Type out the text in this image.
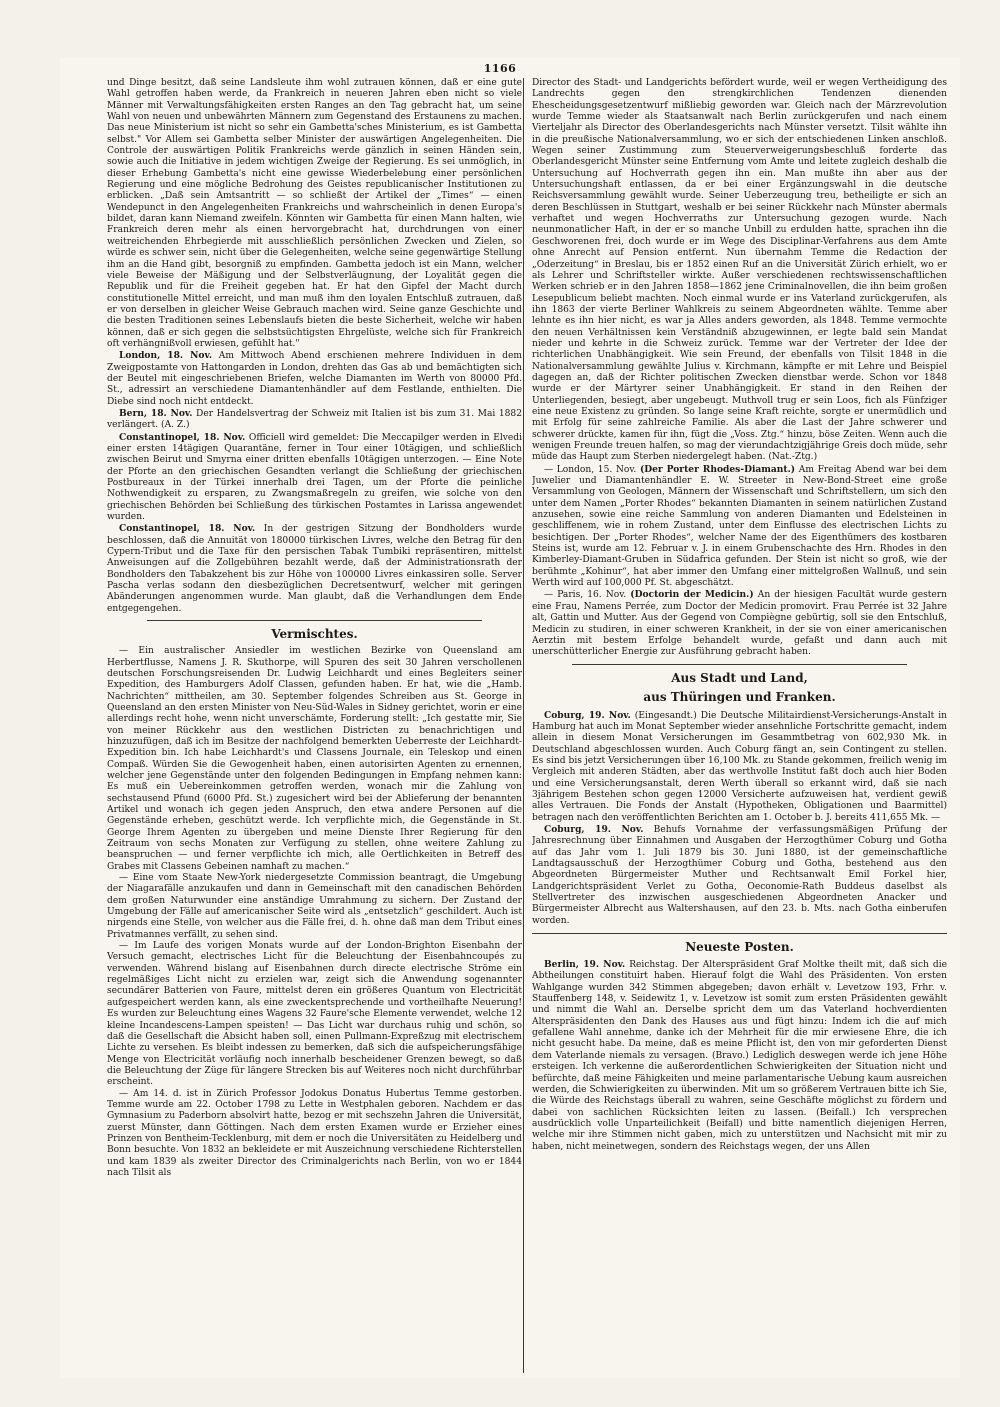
1166

und Dinge besitzt, daß seine Landsleute ihm wohl zutrauen können, daß er eine gute Wahl getroffen haben werde, da Frankreich in neueren Jahren eben nicht so viele Männer mit Verwaltungsfähigkeiten ersten Ranges an den Tag gebracht hat, um seine Wahl von neuen und unbewährten Männern zum Gegenstand des Erstaunens zu machen. Das neue Ministerium ist nicht so sehr ein Gambetta'sches Ministerium, es ist Gambetta selbst." Vor Allem sei Gambetta selber Minister der auswärtigen Angelegenheiten. Die Controle der auswärtigen Politik Frankreichs werde gänzlich in seinen Händen sein, sowie auch die Initiative in jedem wichtigen Zweige der Regierung. Es sei unmöglich, in dieser Erhebung Gambetta's nicht eine gewisse Wiederbelebung einer persönlichen Regierung und eine mögliche Bedrohung des Geistes republicanischer Institutionen zu erblicken. „Daß sein Amtsantritt — so schließt der Artikel der „Times“ — einen Wendepunct in den Angelegenheiten Frankreichs und wahrscheinlich in denen Europa's bildet, daran kann Niemand zweifeln. Könnten wir Gambetta für einen Mann halten, wie Frankreich deren mehr als einen hervorgebracht hat, durchdrungen von einer weitreichenden Ehrbegierde mit ausschließlich persönlichen Zwecken und Zielen, so würde es schwer sein, nicht über die Gelegenheiten, welche seine gegenwärtige Stellung ihm an die Hand gibt, besorgniß zu empfinden. Gambetta jedoch ist ein Mann, welcher viele Beweise der Mäßigung und der Selbstverläugnung, der Loyalität gegen die Republik und für die Freiheit gegeben hat. Er hat den Gipfel der Macht durch constitutionelle Mittel erreicht, und man muß ihm den loyalen Entschluß zutrauen, daß er von derselben in gleicher Weise Gebrauch machen wird. Seine ganze Geschichte und die besten Traditionen seines Lebenslaufs bieten die beste Sicherheit, welche wir haben können, daß er sich gegen die selbstsüchtigsten Ehrgelüste, welche sich für Frankreich oft verhängnißvoll erwiesen, gefühlt hat."

London, 18. Nov. Am Mittwoch Abend erschienen mehrere Individuen in dem Zweigpostamte von Hattongarden in London, drehten das Gas ab und bemächtigten sich der Beutel mit eingeschriebenen Briefen, welche Diamanten im Werth von 80000 Pfd. St., adressirt an verschiedene Diamantenhändler auf dem Festlande, enthielten. Die Diebe sind noch nicht entdeckt.

Bern, 18. Nov. Der Handelsvertrag der Schweiz mit Italien ist bis zum 31. Mai 1882 verlängert. (A. Z.)

Constantinopel, 18. Nov. Officiell wird gemeldet: Die Meccapilger werden in Elvedi einer ersten 14tägigen Quarantäne, ferner in Tour einer 10tägigen, und schließlich zwischen Beirut und Smyrna einer dritten ebenfalls 10tägigen unterzogen. — Eine Note der Pforte an den griechischen Gesandten verlangt die Schließung der griechischen Postbureaux in der Türkei innerhalb drei Tagen, um der Pforte die peinliche Nothwendigkeit zu ersparen, zu Zwangsmaßregeln zu greifen, wie solche von den griechischen Behörden bei Schließung des türkischen Postamtes in Larissa angewendet wurden.

Constantinopel, 18. Nov. In der gestrigen Sitzung der Bondholders wurde beschlossen, daß die Annuität von 180000 türkischen Livres, welche den Betrag für den Cypern-Tribut und die Taxe für den persischen Tabak Tumbiki repräsentiren, mittelst Anweisungen auf die Zollgebühren bezahlt werde, daß der Administrationsrath der Bondholders den Tabakzehent bis zur Höhe von 100000 Livres einkassiren solle. Server Pascha verlas sodann den diesbezüglichen Decretsentwurf, welcher mit geringen Abänderungen angenommen wurde. Man glaubt, daß die Verhandlungen dem Ende entgegengehen.

Vermischtes.

— Ein australischer Ansiedler im westlichen Bezirke von Queensland am Herbertflusse, Namens J. R. Skuthorpe, will Spuren des seit 30 Jahren verschollenen deutschen Forschungsreisenden Dr. Ludwig Leichhardt und eines Begleiters seiner Expedition, des Hamburgers Adolf Classen, gefunden haben. Er hat, wie die „Hamb. Nachrichten“ mittheilen, am 30. September folgendes Schreiben aus St. George in Queensland an den ersten Minister von Neu-Süd-Wales in Sidney gerichtet, worin er eine allerdings recht hohe, wenn nicht unverschämte, Forderung stellt: „Ich gestatte mir, Sie von meiner Rückkehr aus den westlichen Districten zu benachrichtigen und hinzuzufügen, daß ich im Besitze der nachfolgend bemerkten Ueberreste der Leichhardt-Expedition bin. Ich habe Leichhardt's und Classens Journale, ein Teleskop und einen Compaß. Würden Sie die Gewogenheit haben, einen autorisirten Agenten zu ernennen, welcher jene Gegenstände unter den folgenden Bedingungen in Empfang nehmen kann: Es muß ein Uebereinkommen getroffen werden, wonach mir die Zahlung von sechstausend Pfund (6000 Pfd. St.) zugesichert wird bei der Ablieferung der benannten Artikel und wonach ich gegen jeden Anspruch, den etwa andere Personen auf die Gegenstände erheben, geschützt werde. Ich verpflichte mich, die Gegenstände in St. George Ihrem Agenten zu übergeben und meine Dienste Ihrer Regierung für den Zeitraum von sechs Monaten zur Verfügung zu stellen, ohne weitere Zahlung zu beanspruchen — und ferner verpflichte ich mich, alle Oertlichkeiten in Betreff des Grabes mit Classens Gebeinen namhaft zu machen.“

— Eine vom Staate New-York niedergesetzte Commission beantragt, die Umgebung der Niagarafälle anzukaufen und dann in Gemeinschaft mit den canadischen Behörden dem großen Naturwunder eine anständige Umrahmung zu sichern. Der Zustand der Umgebung der Fälle auf americanischer Seite wird als „entsetzlich“ geschildert. Auch ist nirgends eine Stelle, von welcher aus die Fälle frei, d. h. ohne daß man dem Tribut eines Privatmannes verfällt, zu sehen sind.

— Im Laufe des vorigen Monats wurde auf der London-Brighton Eisenbahn der Versuch gemacht, electrisches Licht für die Beleuchtung der Eisenbahncoupés zu verwenden. Während bislang auf Eisenbahnen durch directe electrische Ströme ein regelmäßiges Licht nicht zu erzielen war, zeigt sich die Anwendung sogenannter secundärer Batterien von Faure, mittelst deren ein größeres Quantum von Electricität aufgespeichert werden kann, als eine zweckentsprechende und vortheilhafte Neuerung! Es wurden zur Beleuchtung eines Wagens 32 Faure'sche Elemente verwendet, welche 12 kleine Incandescens-Lampen speisten! — Das Licht war durchaus ruhig und schön, so daß die Gesellschaft die Absicht haben soll, einen Pullmann-Expreßzug mit electrischem Lichte zu versehen. Es bleibt indessen zu bemerken, daß sich die aufspeicherungsfähige Menge von Electricität vorläufig noch innerhalb bescheidener Grenzen bewegt, so daß die Beleuchtung der Züge für längere Strecken bis auf Weiteres noch nicht durchführbar erscheint.

— Am 14. d. ist in Zürich Professor Jodokus Donatus Hubertus Temme gestorben. Temme wurde am 22. October 1798 zu Lette in Westphalen geboren. Nachdem er das Gymnasium zu Paderborn absolvirt hatte, bezog er mit sechszehn Jahren die Universität, zuerst Münster, dann Göttingen. Nach dem ersten Examen wurde er Erzieher eines Prinzen von Bentheim-Tecklenburg, mit dem er noch die Universitäten zu Heidelberg und Bonn besuchte. Von 1832 an bekleidete er mit Auszeichnung verschiedene Richterstellen und kam 1839 als zweiter Director des Criminalgerichts nach Berlin, von wo er 1844 nach Tilsit als

Director des Stadt- und Landgerichts befördert wurde, weil er wegen Vertheidigung des Landrechts gegen den strengkirchlichen Tendenzen dienenden Ehescheidungsgesetzentwurf mißliebig geworden war. Gleich nach der Märzrevolution wurde Temme wieder als Staatsanwalt nach Berlin zurückgerufen und nach einem Vierteljahr als Director des Oberlandesgerichts nach Münster versetzt. Tilsit wählte ihn in die preußische Nationalversammlung, wo er sich der entschiedenen Linken anschloß. Wegen seiner Zustimmung zum Steuerverweigerungsbeschluß forderte das Oberlandesgericht Münster seine Entfernung vom Amte und leitete zugleich deshalb die Untersuchung auf Hochverrath gegen ihn ein. Man mußte ihn aber aus der Untersuchungshaft entlassen, da er bei einer Ergänzungswahl in die deutsche Reichsversammlung gewählt wurde. Seiner Ueberzeugung treu, betheiligte er sich an deren Beschlüssen in Stuttgart, weshalb er bei seiner Rückkehr nach Münster abermals verhaftet und wegen Hochverraths zur Untersuchung gezogen wurde. Nach neunmonatlicher Haft, in der er so manche Unbill zu erdulden hatte, sprachen ihn die Geschworenen frei, doch wurde er im Wege des Disciplinar-Verfahrens aus dem Amte ohne Anrecht auf Pension entfernt. Nun übernahm Temme die Redaction der „Oderzeitung“ in Breslau, bis er 1852 einen Ruf an die Universität Zürich erhielt, wo er als Lehrer und Schriftsteller wirkte. Außer verschiedenen rechtswissenschaftlichen Werken schrieb er in den Jahren 1858—1862 jene Criminalnovellen, die ihn beim großen Lesepublicum beliebt machten. Noch einmal wurde er ins Vaterland zurückgerufen, als ihn 1863 der vierte Berliner Wahlkreis zu seinem Abgeordneten wählte. Temme aber lehnte es ihn hier nicht, es war ja Alles anders geworden, als 1848. Temme vermochte den neuen Verhältnissen kein Verständniß abzugewinnen, er legte bald sein Mandat nieder und kehrte in die Schweiz zurück. Temme war der Vertreter der Idee der richterlichen Unabhängigkeit. Wie sein Freund, der ebenfalls von Tilsit 1848 in die Nationalversammlung gewählte Julius v. Kirchmann, kämpfte er mit Lehre und Beispiel dagegen an, daß der Richter politischen Zwecken dienstbar werde. Schon vor 1848 wurde er der Märtyrer seiner Unabhängigkeit. Er stand in den Reihen der Unterliegenden, besiegt, aber ungebeugt. Muthvoll trug er sein Loos, fich als Fünfziger eine neue Existenz zu gründen. So lange seine Kraft reichte, sorgte er unermüdlich und mit Erfolg für seine zahlreiche Familie. Als aber die Last der Jahre schwerer und schwerer drückte, kamen für ihn, fügt die „Voss. Ztg.“ hinzu, böse Zeiten. Wenn auch die wenigen Freunde treuen halfen, so mag der vierundachtzigjährige Greis doch müde, sehr müde das Haupt zum Sterben niedergelegt haben. (Nat.-Ztg.)

— London, 15. Nov. (Der Porter Rhodes-Diamant.) Am Freitag Abend war bei dem Juwelier und Diamantenhändler E. W. Streeter in New-Bond-Street eine große Versammlung von Geologen, Männern der Wissenschaft und Schriftstellern, um sich den unter dem Namen „Porter Rhodes“ bekannten Diamanten in seinem natürlichen Zustand anzusehen, sowie eine reiche Sammlung von anderen Diamanten und Edelsteinen in geschliffenem, wie in rohem Zustand, unter dem Einflusse des electrischen Lichts zu besichtigen. Der „Porter Rhodes“, welcher Name der des Eigenthümers des kostbaren Steins ist, wurde am 12. Februar v. J. in einem Grubenschachte des Hrn. Rhodes in den Kimberley-Diamant-Gruben in Südafrica gefunden. Der Stein ist nicht so groß, wie der berühmte „Kohinur“, hat aber immer den Umfang einer mittelgroßen Wallnuß, und sein Werth wird auf 100,000 Pf. St. abgeschätzt.

— Paris, 16. Nov. (Doctorin der Medicin.) An der hiesigen Facultät wurde gestern eine Frau, Namens Perrée, zum Doctor der Medicin promovirt. Frau Perrée ist 32 Jahre alt, Gattin und Mutter. Aus der Gegend von Compiègne gebürtig, soll sie den Entschluß, Medicin zu studiren, in einer schweren Krankheit, in der sie von einer americanischen Aerztin mit bestem Erfolge behandelt wurde, gefaßt und dann auch mit unerschütterlicher Energie zur Ausführung gebracht haben.

Aus Stadt und Land,
aus Thüringen und Franken.

Coburg, 19. Nov. (Eingesandt.) Die Deutsche Militairdienst-Versicherungs-Anstalt in Hamburg hat auch im Monat September wieder ansehnliche Fortschritte gemacht, indem allein in diesem Monat Versicherungen im Gesammtbetrag von 602,930 Mk. in Deutschland abgeschlossen wurden. Auch Coburg fängt an, sein Contingent zu stellen. Es sind bis jetzt Versicherungen über 16,100 Mk. zu Stande gekommen, freilich wenig im Vergleich mit anderen Städten, aber das werthvolle Institut faßt doch auch hier Boden und eine Versicherungsanstalt, deren Werth überall so erkannt wird, daß sie nach 3jährigem Bestehen schon gegen 12000 Versicherte aufzuweisen hat, verdient gewiß alles Vertrauen. Die Fonds der Anstalt (Hypotheken, Obligationen und Baarmittel) betragen nach den veröffentlichten Berichten am 1. October b. J. bereits 411,655 Mk. —

Coburg, 19. Nov. Behufs Vornahme der verfassungsmäßigen Prüfung der Jahresrechnung über Einnahmen und Ausgaben der Herzogthümer Coburg und Gotha auf das Jahr vom 1. Juli 1879 bis 30. Juni 1880, ist der gemeinschaftliche Landtagsausschuß der Herzogthümer Coburg und Gotha, bestehend aus den Abgeordneten Bürgermeister Muther und Rechtsanwalt Emil Forkel hier, Landgerichtspräsident Verlet zu Gotha, Oeconomie-Rath Buddeus daselbst als Stellvertreter des inzwischen ausgeschiedenen Abgeordneten Anacker und Bürgermeister Albrecht aus Waltershausen, auf den 23. b. Mts. nach Gotha einberufen worden.

Neueste Posten.

Berlin, 19. Nov. Reichstag. Der Alterspräsident Graf Moltke theilt mit, daß sich die Abtheilungen constituirt haben. Hierauf folgt die Wahl des Präsidenten. Von ersten Wahlgange wurden 342 Stimmen abgegeben; davon erhält v. Levetzow 193, Frhr. v. Stauffenberg 148, v. Seidewitz 1, v. Levetzow ist somit zum ersten Präsidenten gewählt und nimmt die Wahl an. Derselbe spricht dem um das Vaterland hochverdienten Alterspräsidenten den Dank des Hauses aus und fügt hinzu: Indem ich die auf mich gefallene Wahl annehme, danke ich der Mehrheit für die mir erwiesene Ehre, die ich nicht gesucht habe. Da meine, daß es meine Pflicht ist, den von mir geforderten Dienst dem Vaterlande niemals zu versagen. (Bravo.) Lediglich deswegen werde ich jene Höhe ersteigen. Ich verkenne die außerordentlichen Schwierigkeiten der Situation nicht und befürchte, daß meine Fähigkeiten und meine parlamentarische Uebung kaum ausreichen werden, die Schwierigkeiten zu überwinden. Mit um so größerem Vertrauen bitte ich Sie, die Würde des Reichstags überall zu wahren, seine Geschäfte möglichst zu fördern und dabei von sachlichen Rücksichten leiten zu lassen. (Beifall.) Ich versprechen ausdrücklich volle Unparteilichkeit (Beifall) und bitte namentlich diejenigen Herren, welche mir ihre Stimmen nicht gaben, mich zu unterstützen und Nachsicht mit mir zu haben, nicht meinetwegen, sondern des Reichstags wegen, der uns Allen
